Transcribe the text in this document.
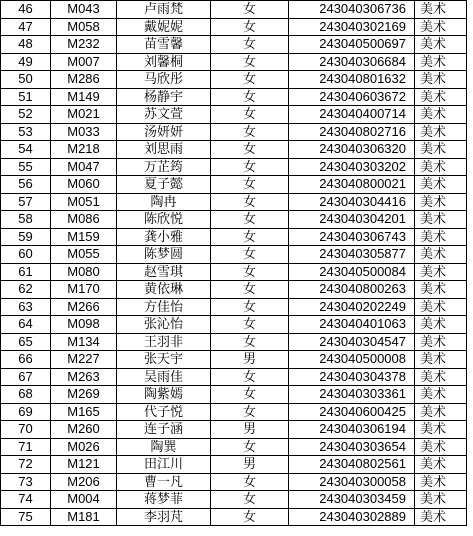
46	M043	卢雨梵	女	243040306736	美术
47	M058	戴妮妮	女	243040302169	美术
48	M232	苗雪馨	女	243040500697	美术
49	M007	刘馨桐	女	243040306684	美术
50	M286	马欣彤	女	243040801632	美术
51	M149	杨静宇	女	243040603672	美术
52	M021	苏文萱	女	243040400714	美术
53	M033	汤妍妍	女	243040802716	美术
54	M218	刘思雨	女	243040306320	美术
55	M047	万芷筠	女	243040303202	美术
56	M060	夏子懿	女	243040800021	美术
57	M051	陶冉	女	243040304416	美术
58	M086	陈欣悦	女	243040304201	美术
59	M159	龚小雅	女	243040306743	美术
60	M055	陈梦圆	女	243040305877	美术
61	M080	赵雪琪	女	243040500084	美术
62	M170	黄依琳	女	243040800263	美术
63	M266	方佳怡	女	243040202249	美术
64	M098	张沁怡	女	243040401063	美术
65	M134	王羽非	女	243040304547	美术
66	M227	张天宇	男	243040500008	美术
67	M263	吴雨佳	女	243040304378	美术
68	M269	陶紫嫣	女	243040303361	美术
69	M165	代子悦	女	243040600425	美术
70	M260	连子涵	男	243040306194	美术
71	M026	陶巽	女	243040303654	美术
72	M121	田江川	男	243040802561	美术
73	M206	曹一凡	女	243040300058	美术
74	M004	蒋梦菲	女	243040303459	美术
75	M181	李羽芃	女	243040302889	美术
